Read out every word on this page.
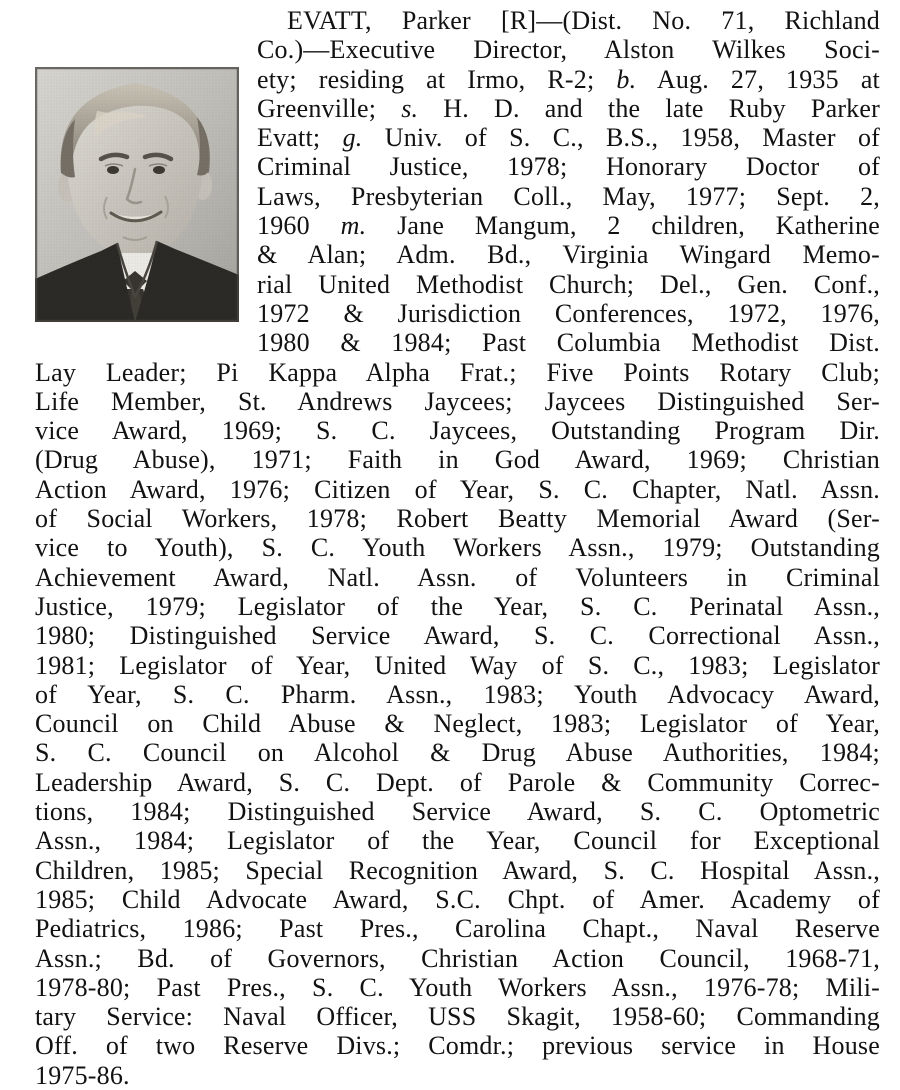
EVATT, Parker [R]—(Dist. No. 71, Richland
Co.)—Executive Director, Alston Wilkes Soci-
ety; residing at Irmo, R-2; b. Aug. 27, 1935 at
Greenville; s. H. D. and the late Ruby Parker
Evatt; g. Univ. of S. C., B.S., 1958, Master of
Criminal Justice, 1978; Honorary Doctor of
Laws, Presbyterian Coll., May, 1977; Sept. 2,
1960 m. Jane Mangum, 2 children, Katherine
& Alan; Adm. Bd., Virginia Wingard Memo-
rial United Methodist Church; Del., Gen. Conf.,
1972 & Jurisdiction Conferences, 1972, 1976,
1980 & 1984; Past Columbia Methodist Dist.
Lay Leader; Pi Kappa Alpha Frat.; Five Points Rotary Club;
Life Member, St. Andrews Jaycees; Jaycees Distinguished Ser-
vice Award, 1969; S. C. Jaycees, Outstanding Program Dir.
(Drug Abuse), 1971; Faith in God Award, 1969; Christian
Action Award, 1976; Citizen of Year, S. C. Chapter, Natl. Assn.
of Social Workers, 1978; Robert Beatty Memorial Award (Ser-
vice to Youth), S. C. Youth Workers Assn., 1979; Outstanding
Achievement Award, Natl. Assn. of Volunteers in Criminal
Justice, 1979; Legislator of the Year, S. C. Perinatal Assn.,
1980; Distinguished Service Award, S. C. Correctional Assn.,
1981; Legislator of Year, United Way of S. C., 1983; Legislator
of Year, S. C. Pharm. Assn., 1983; Youth Advocacy Award,
Council on Child Abuse & Neglect, 1983; Legislator of Year,
S. C. Council on Alcohol & Drug Abuse Authorities, 1984;
Leadership Award, S. C. Dept. of Parole & Community Correc-
tions, 1984; Distinguished Service Award, S. C. Optometric
Assn., 1984; Legislator of the Year, Council for Exceptional
Children, 1985; Special Recognition Award, S. C. Hospital Assn.,
1985; Child Advocate Award, S.C. Chpt. of Amer. Academy of
Pediatrics, 1986; Past Pres., Carolina Chapt., Naval Reserve
Assn.; Bd. of Governors, Christian Action Council, 1968-71,
1978-80; Past Pres., S. C. Youth Workers Assn., 1976-78; Mili-
tary Service: Naval Officer, USS Skagit, 1958-60; Commanding
Off. of two Reserve Divs.; Comdr.; previous service in House
1975-86.
